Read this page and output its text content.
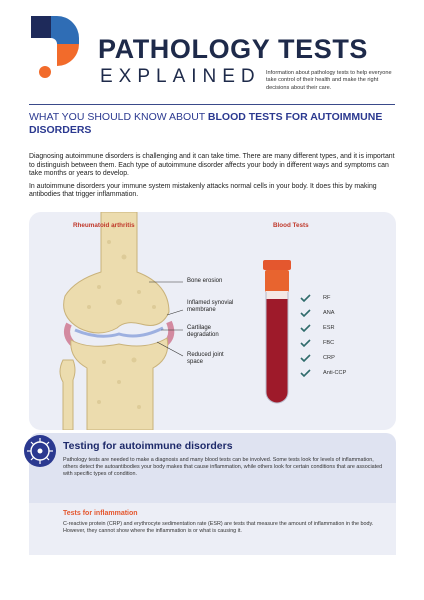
PATHOLOGY TESTS
EXPLAINED Information about pathology tests to help everyone take control of their health and make the right decisions about their care.
WHAT YOU SHOULD KNOW ABOUT BLOOD TESTS FOR AUTOIMMUNE DISORDERS

Diagnosing autoimmune disorders is challenging and it can take time. There are many different types, and it is important to distinguish between them. Each type of autoimmune disorder affects your body in different ways and symptoms can take months or years to develop.

In autoimmune disorders your immune system mistakenly attacks normal cells in your body. It does this by making antibodies that trigger inflammation.

Rheumatoid arthritis	Blood Tests
Bone erosion
Inflamed synovial membrane
Cartilage degradation
Reduced joint space
RF
ANA
ESR
FBC
CRP
Anti-CCP
Testing for autoimmune disorders
Pathology tests are needed to make a diagnosis and many blood tests can be involved. Some tests look for levels of inflammation, others detect the autoantibodies your body makes that cause inflammation, while others look for certain conditions that are associated with specific types of condition.
Tests for inflammation
C-reactive protein (CRP) and erythrocyte sedimentation rate (ESR) are tests that measure the amount of inflammation in the body. However, they cannot show where the inflammation is or what is causing it.
